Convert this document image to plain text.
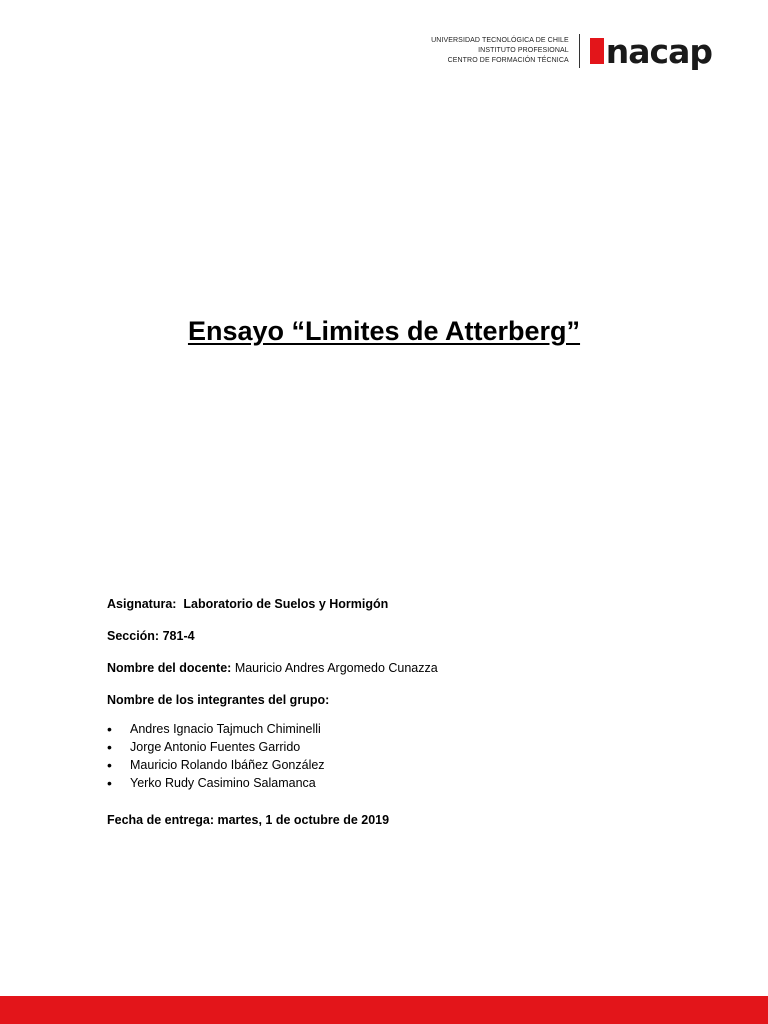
UNIVERSIDAD TECNOLÓGICA DE CHILE
INSTITUTO PROFESIONAL
CENTRO DE FORMACIÓN TÉCNICA nacap
Ensayo “Limites de Atterberg”
Asignatura: Laboratorio de Suelos y Hormigón
Sección: 781-4
Nombre del docente: Mauricio Andres Argomedo Cunazza
Nombre de los integrantes del grupo:
• Andres Ignacio Tajmuch Chiminelli
• Jorge Antonio Fuentes Garrido
• Mauricio Rolando Ibáñez González
• Yerko Rudy Casimino Salamanca
Fecha de entrega: martes, 1 de octubre de 2019
